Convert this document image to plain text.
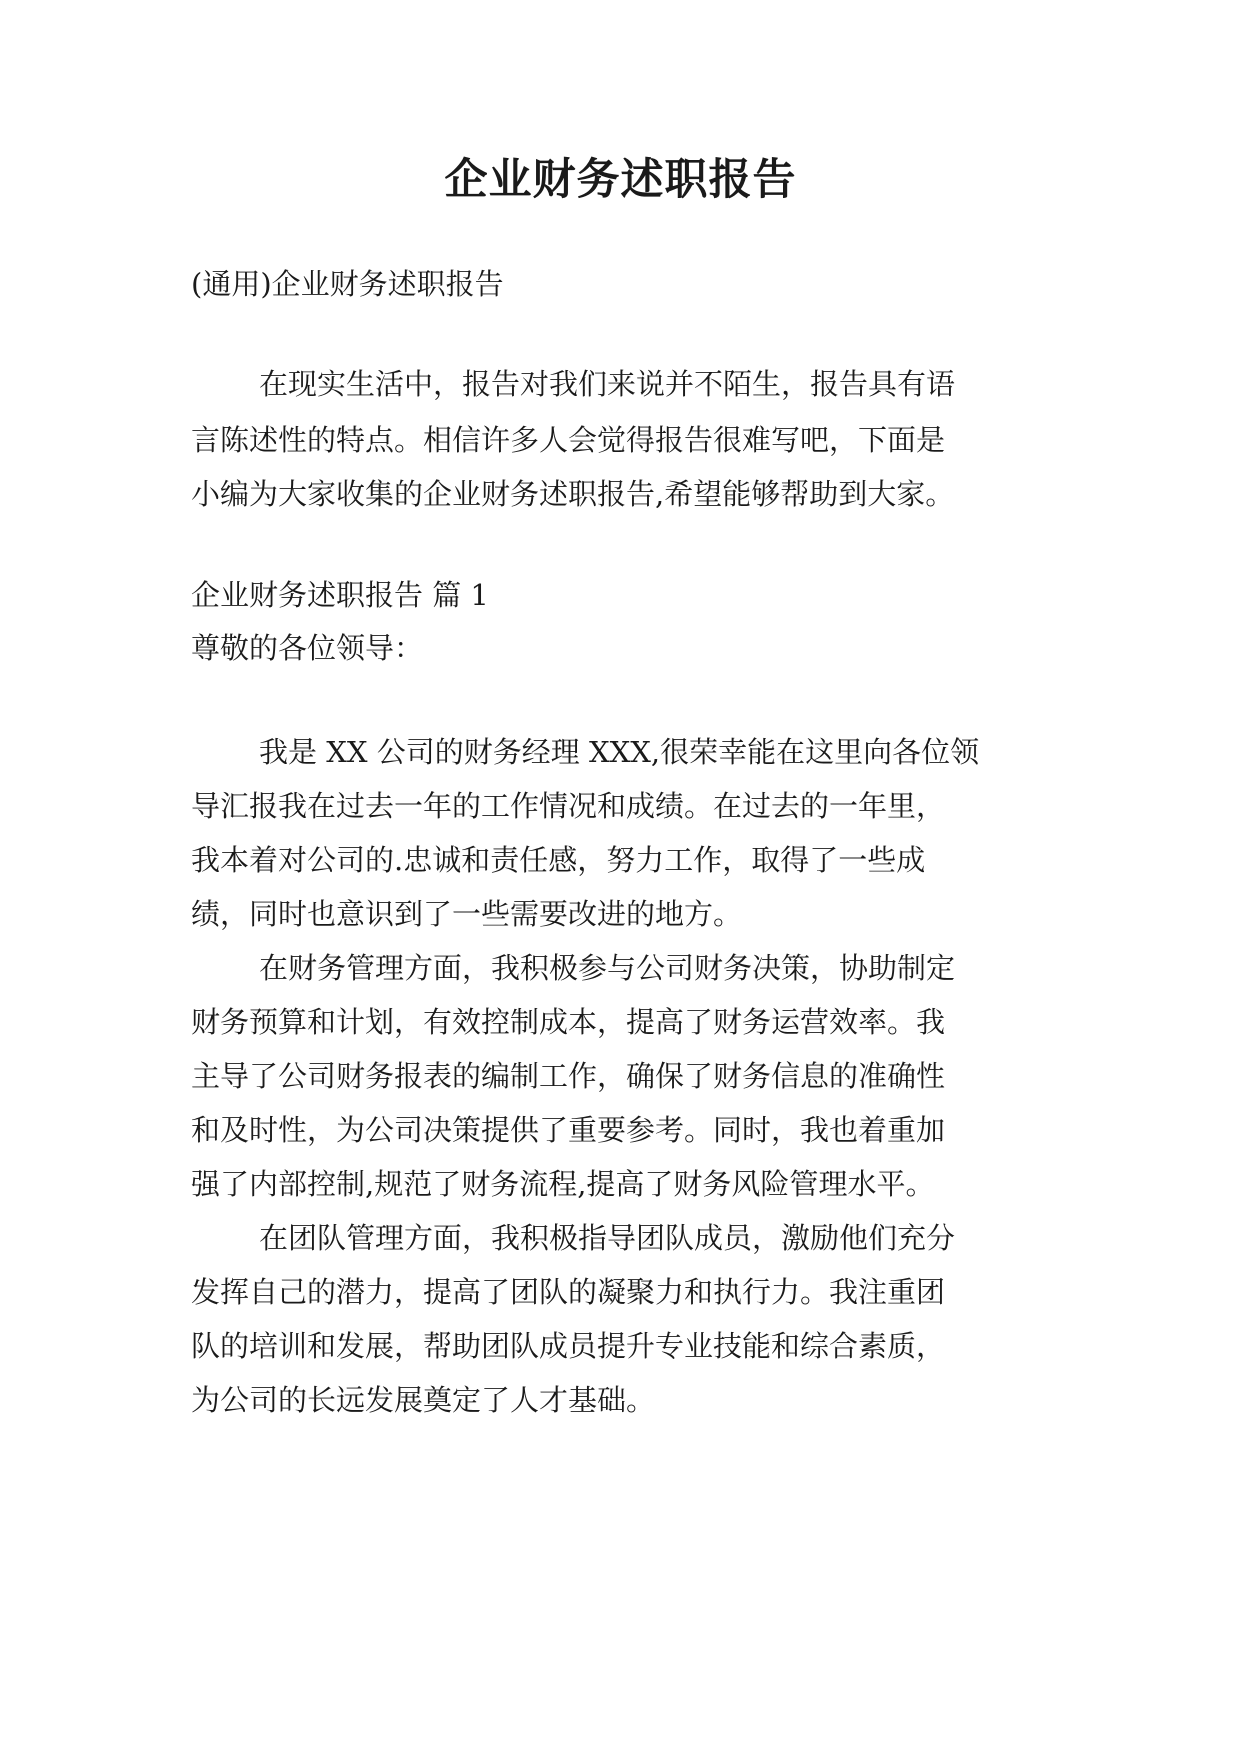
企业财务述职报告
(通用)企业财务述职报告
在现实生活中，报告对我们来说并不陌生，报告具有语
言陈述性的特点。相信许多人会觉得报告很难写吧，下面是
小编为大家收集的企业财务述职报告,希望能够帮助到大家。
企业财务述职报告 篇 1
尊敬的各位领导：
我是 XX 公司的财务经理 XXX,很荣幸能在这里向各位领
导汇报我在过去一年的工作情况和成绩。在过去的一年里，
我本着对公司的.忠诚和责任感，努力工作，取得了一些成
绩，同时也意识到了一些需要改进的地方。
在财务管理方面，我积极参与公司财务决策，协助制定
财务预算和计划，有效控制成本，提高了财务运营效率。我
主导了公司财务报表的编制工作，确保了财务信息的准确性
和及时性，为公司决策提供了重要参考。同时，我也着重加
强了内部控制,规范了财务流程,提高了财务风险管理水平。
在团队管理方面，我积极指导团队成员，激励他们充分
发挥自己的潜力，提高了团队的凝聚力和执行力。我注重团
队的培训和发展，帮助团队成员提升专业技能和综合素质，
为公司的长远发展奠定了人才基础。
